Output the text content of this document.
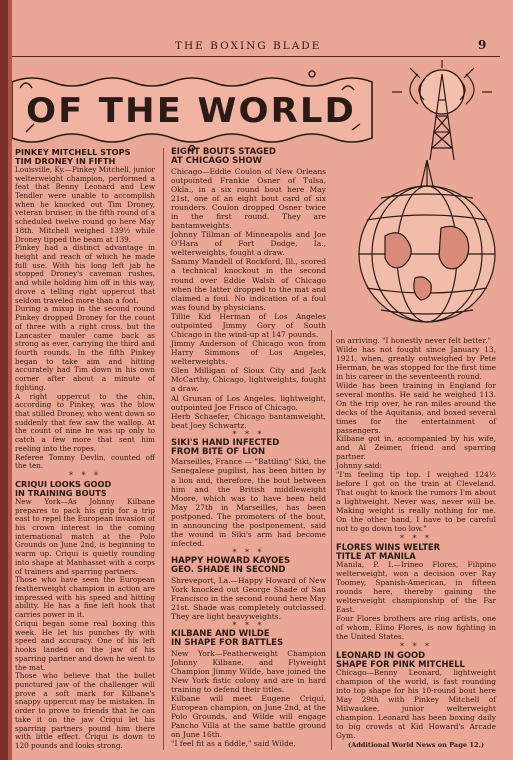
THE BOXING BLADE	9
OF THE WORLD
PINKEY MITCHELL STOPS
TIM DRONEY IN FIFTH

Louisville, Ky.—Pinkey Mitchell, junior welterweight champion, performed a feat that Benny Leonard and Lew Tendler were unable to accomplish when he knocked out Tim Droney, veteran bruiser, in the fifth round of a scheduled twelve round go here May 18th. Mitchell weighed 139½ while Droney tipped the beam at 139.

Pinkey had a distinct advantage in height and reach of which he made full use. With his long left jab he stopped Droney's caveman rushes, and while holding him off in this way, drove a telling right uppercut that seldom traveled more than a foot.

During a mixup in the second round Pinkey dropped Droney for the count of three with a right cross, but the Lancaster mauler came back as strong as ever, carrying the third and fourth rounds. In the fifth Pinkey began to take aim and hitting accurately had Tim down in his own corner after about a minute of fighting.

A right uppercut to the chin, according to Pinkey, was the blow that stilled Droney, who went down so suddenly that few saw the wallop. At the count of nine he was up only to catch a few more that sent him reeling into the ropes.

Referee Tommy Devlin, counted off the ten.

* * *
CRIQUI LOOKS GOOD
IN TRAINING BOUTS

New York—As Johnny Kilbane prepares to pack his grip for a trip east to repel the European invasion of his crown interest in the coming international match at the Polo Grounds on June 2nd, is beginning to warm up. Criqui is quietly rounding into shape at Manhasset with a corps of trainers and sparring partners.

Those who have seen the European featherweight champion in action are impressed with his speed and hitting ability. He has a fine left hook that carries power in it.

Criqui began some real boxing this week. He let his punches fly with speed and accuracy. One of his left hooks landed on the jaw of his sparring partner and down he went to the mat.

Those who believe that the bullet punctured jaw of the challenger will prove a soft mark for Kilbane's snappy uppercut may be mistaken. In order to prove to friends that he can take it on the jaw Criqui let his sparring partners pound him there with little effect. Criqui is down to 120 pounds and looks strong.

EIGHT BOUTS STAGED
AT CHICAGO SHOW

Chicago—Eddie Coulon of New Orleans outpointed Frankie Osner of Tulsa, Okla., in a six round bout here May 21st, one of an eight bout card of six rounders. Coulon dropped Osner twice in the first round. They are bantamweights.

Johnny Tillman of Minneapolis and Joe O'Hara of Fort Dodge, Ia., welterweights, fought a draw.

Sammy Mandell of Rockford, Ill., scored a technical knockout in the second round over Eddie Walsh of Chicago when the latter dropped to the mat and claimed a foul. No indication of a foul was found by physicians.

Tillie Kid Herman of Los Angeles outpointed Jimmy Gory of South Chicago in the wind-up at 147 pounds.

Jimmy Anderson of Chicago won from Harry Simmons of Los Angeles, welterweights.

Glen Milligan of Sioux City and Jack McCarthy, Chicago, lightweights, fought a draw.

Al Grunan of Los Angeles, lightweight, outpointed Joe Frisco of Chicago.

Herb Schaefer, Chicago bantamweight, beat Joey Schwartz.

* * *
SIKI'S HAND INFECTED
FROM BITE OF LION

Marseilles, France — "Battling" Siki, the Senegalese pugilist, has been bitten by a lion and, therefore, the bout between him and the British middleweight Moore, which was to have been held May 27th in Marseilles, has been postponed. The promoters of the bout, in announcing the postponement, said the wound in Siki's arm had become infected.

* * *
HAPPY HOWARD KAYOES
GEO. SHADE IN SECOND

Shreveport, La.—Happy Howard of New York knocked out George Shade of San Francisco in the second round here May 21st. Shade was completely outclassed. They are light heavyweights.

* * *
KILBANE AND WILDE
IN SHAPE FOR BATTLES

New York—Featherweight Champion Johnny Kilbane, and Flyweight Champion Jimmy Wilde, have joined the New York fistic colony and are in hard training to defend their titles.

Kilbane will meet Eugene Criqui, European champion, on June 2nd, at the Polo Grounds, and Wilde will engage Pancho Villa at the same battle ground on June 16th.

"I feel fit as a fiddle," said Wilde,

on arriving. "I honestly never felt better."

Wilde has not fought since January 13, 1921, when, greatly outweighed by Pete Herman, he was stopped for the first time in his career in the seventeenth round.

Wilde has been training in England for several months. He said he weighed 113. On the trip over, he ran miles around the decks of the Aquitania, and boxed several times for the entertainment of passengers.

Kilbane got in, accompanied by his wife, and Al Zeimer, friend and sparring partner.

Johnny said:

"I'm feeling tip top. I weighed 124½ before I got on the train at Cleveland. That ought to knock the rumors I'm about a lightweight. Never was, never will be. Making weight is really nothing for me. On the other hand, I have to be careful not to go down too low."

* * *
FLORES WINS WELTER
TITLE AT MANILA

Manila, P. I.—Irineo Flores, Filipino welterweight, won a decision over Ray Toomey, Spanish-American, in fifteen rounds here, thereby gaining the welterweight championship of the Far East.

Four Flores brothers are ring artists, one of whom, Elino Flores, is now fighting in the United States.

* * *
LEONARD IN GOOD
SHAPE FOR PINK MITCHELL

Chicago—Benny Leonard, lightweight champion of the world, is fast rounding into top shape for his 10-round bout here May 29th with Pinkey Mitchell of Milwaukee, junior welterweight champion. Leonard has been boxing daily to big crowds at Kid Howard's Arcade Gym.

(Additional World News on Page 12.)
